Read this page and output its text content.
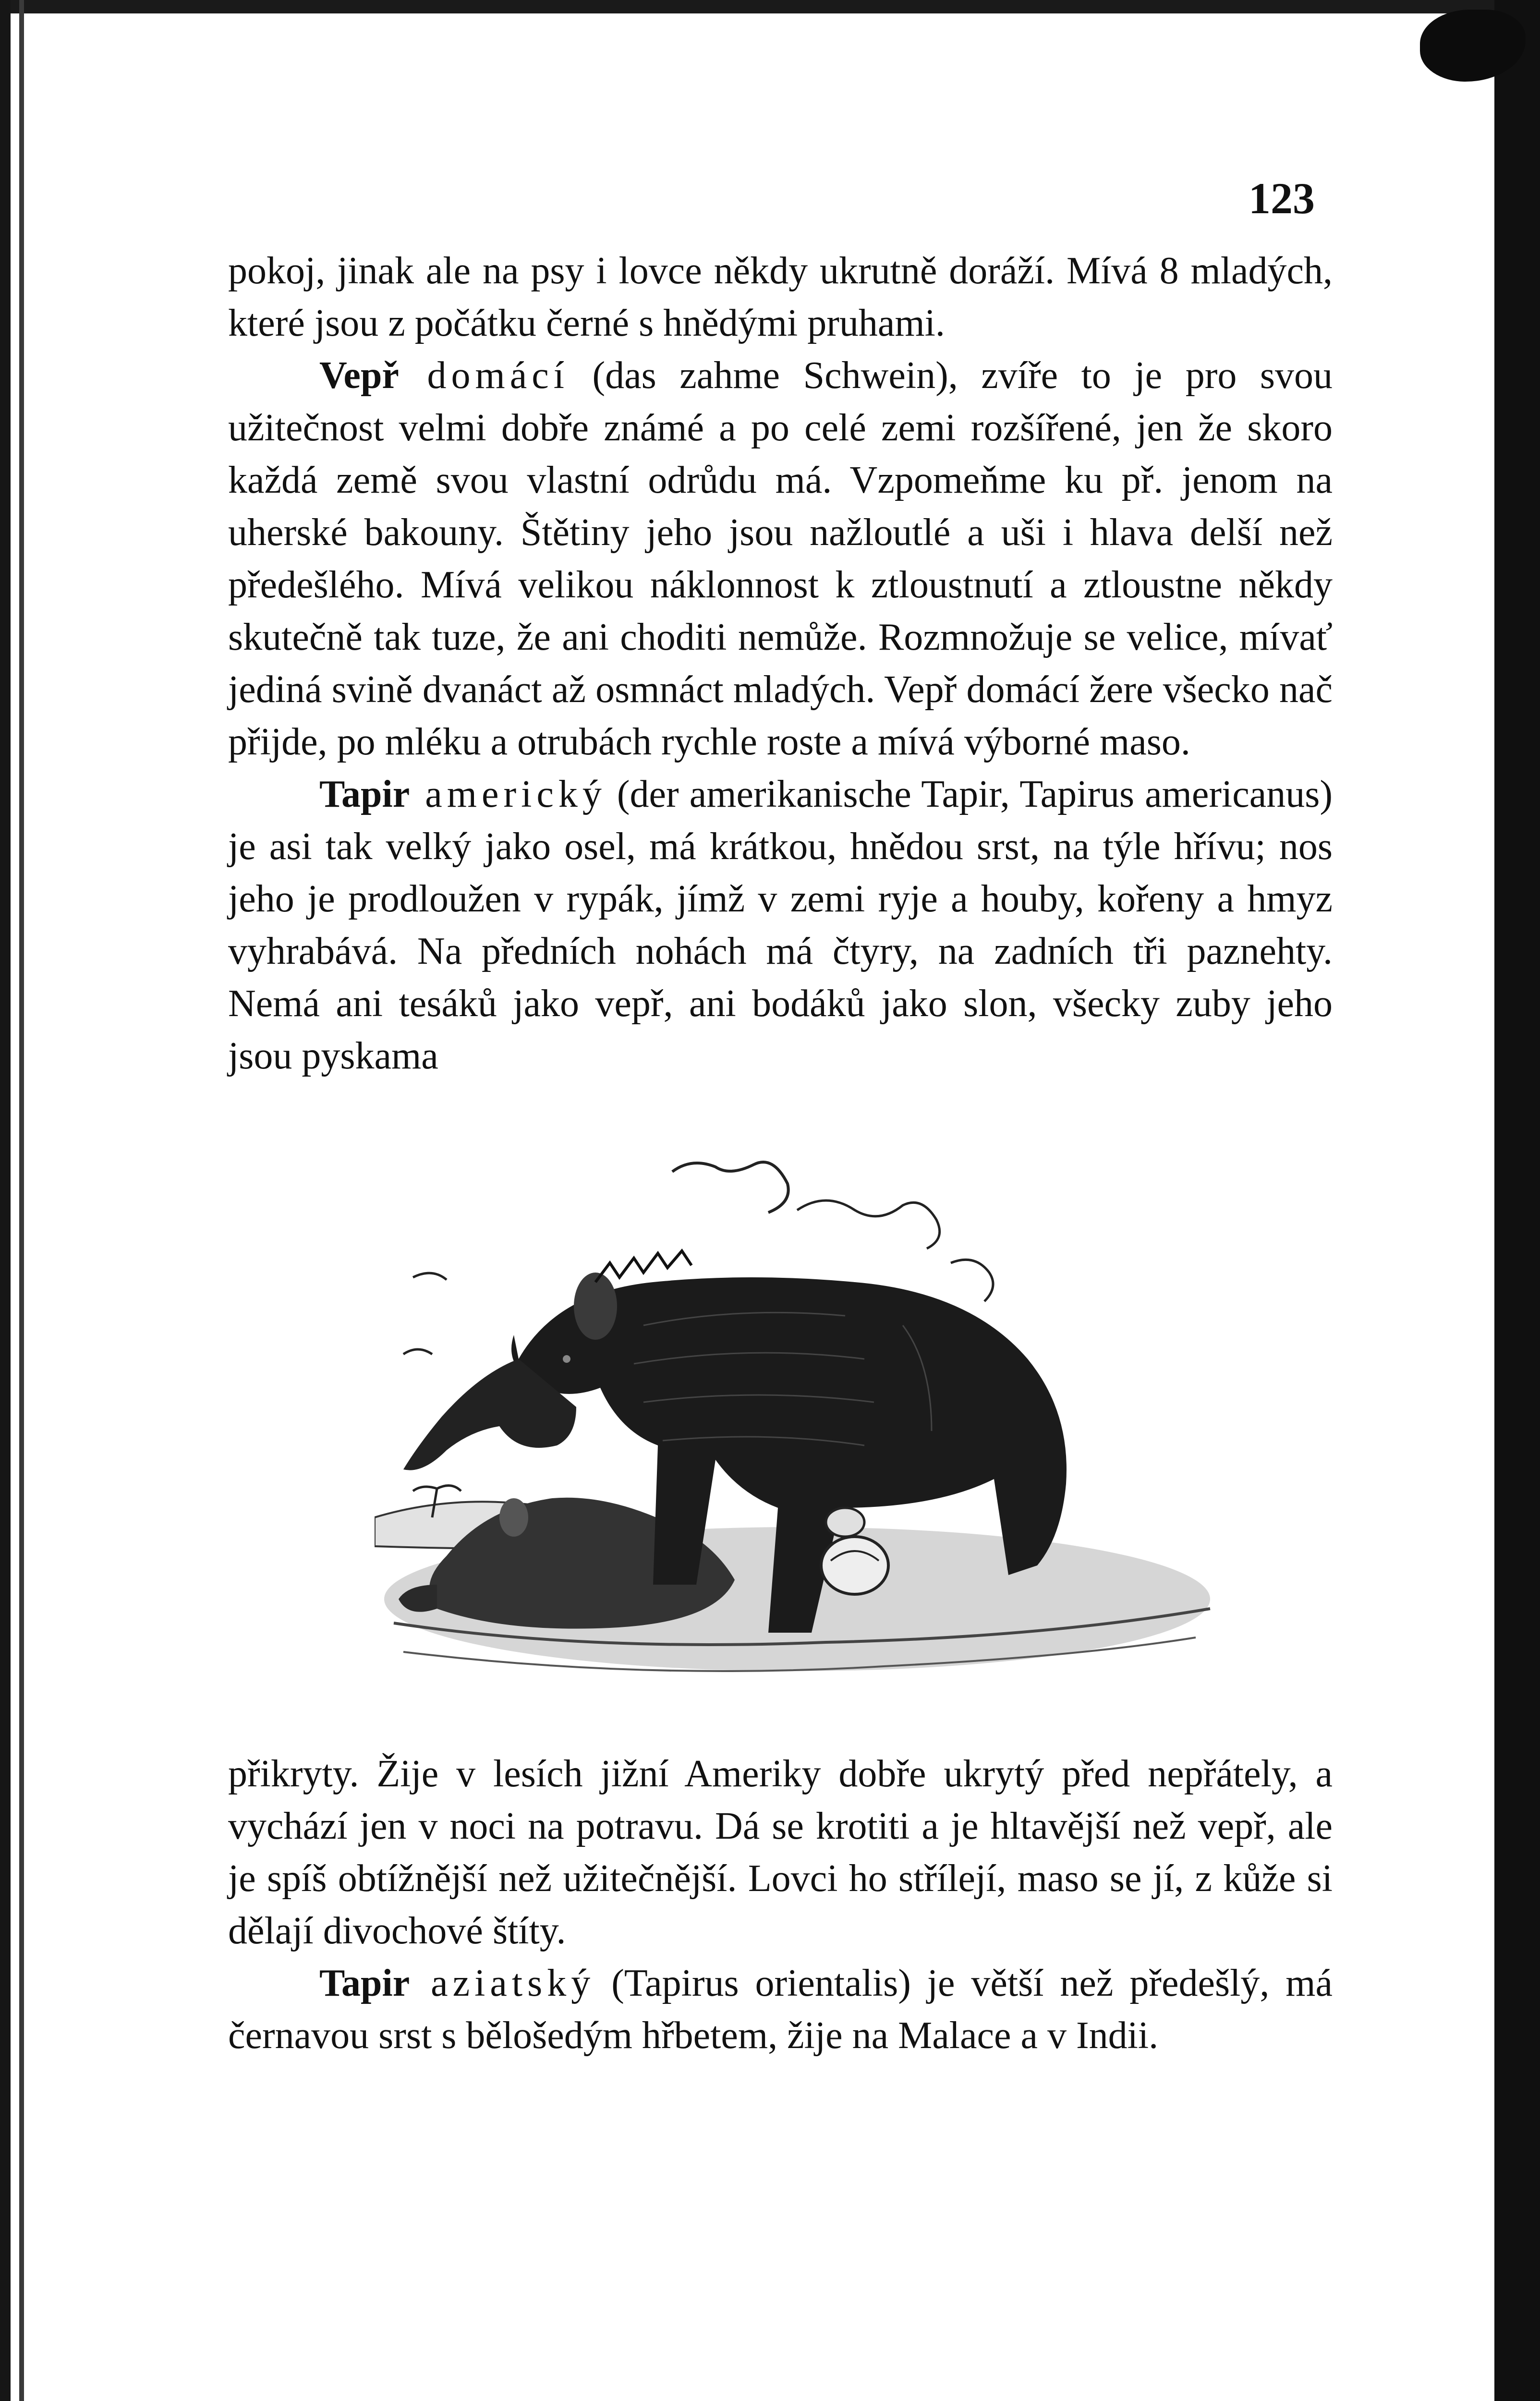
123

pokoj, jinak ale na psy i lovce někdy ukrutně doráží. Mívá 8 mladých, které jsou z počátku černé s hnědými pruhami.

Vepř domácí (das zahme Schwein), zvíře to je pro svou užitečnost velmi dobře známé a po celé zemi rozšířené, jen že skoro každá země svou vlastní odrůdu má. Vzpomeňme ku př. jenom na uherské bakouny. Štětiny jeho jsou nažloutlé a uši i hlava delší než předešlého. Mívá velikou náklonnost k ztloustnutí a ztloustne někdy skutečně tak tuze, že ani choditi nemůže. Rozmnožuje se velice, mívať jediná svině dvanáct až osmnáct mladých. Vepř domácí žere všecko nač přijde, po mléku a otrubách rychle roste a mívá výborné maso.

Tapir americký (der amerikanische Tapir, Tapirus americanus) je asi tak velký jako osel, má krátkou, hnědou srst, na týle hřívu; nos jeho je prodloužen v rypák, jímž v zemi ryje a houby, kořeny a hmyz vyhrabává. Na předních nohách má čtyry, na zadních tři paznehty. Nemá ani tesáků jako vepř, ani bodáků jako slon, všecky zuby jeho jsou pyskama

přikryty. Žije v lesích jižní Ameriky dobře ukrytý před nepřátely, a vychází jen v noci na potravu. Dá se krotiti a je hltavější než vepř, ale je spíš obtížnější než užitečnější. Lovci ho střílejí, maso se jí, z kůže si dělají divochové štíty.

Tapir aziatský (Tapirus orientalis) je větší než předešlý, má černavou srst s bělošedým hřbetem, žije na Malace a v Indii.
